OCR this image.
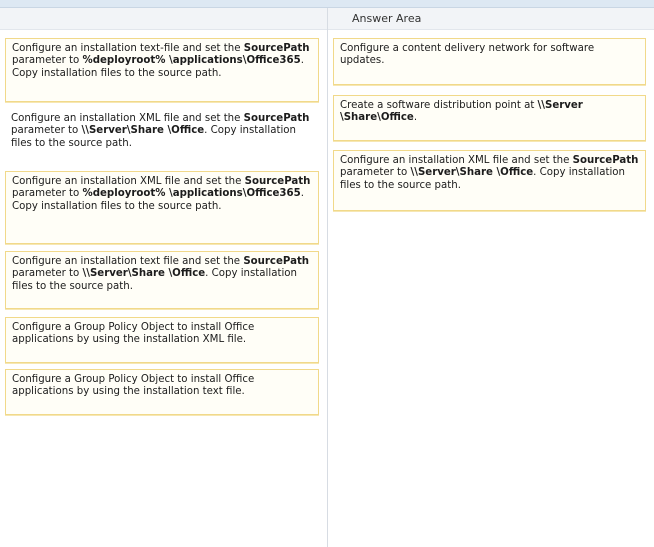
Answer Area
Configure an installation text-file and set the SourcePath parameter to %deployroot% \applications\Office365. Copy installation files to the source path.
Configure an installation XML file and set the SourcePath parameter to \\Server\Share \Office. Copy installation files to the source path.
Configure an installation XML file and set the SourcePath parameter to %deployroot% \applications\Office365. Copy installation files to the source path.
Configure an installation text file and set the SourcePath parameter to \\Server\Share \Office. Copy installation files to the source path.
Configure a Group Policy Object to install Office applications by using the installation XML file.
Configure a Group Policy Object to install Office applications by using the installation text file.
Configure a content delivery network for software updates.
Create a software distribution point at \\Server \Share\Office.
Configure an installation XML file and set the SourcePath parameter to \\Server\Share \Office. Copy installation files to the source path.
